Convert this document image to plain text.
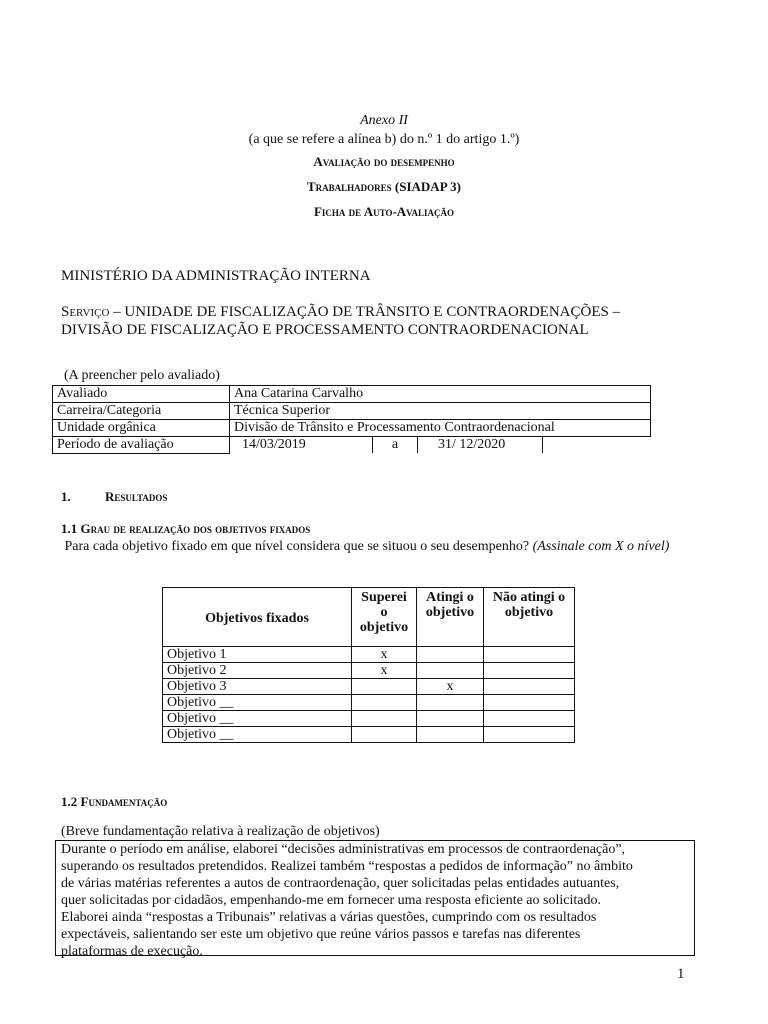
Anexo II
(a que se refere a alínea b) do n.º 1 do artigo 1.º)
Avaliação do desempenho
Trabalhadores (SIADAP 3)
Ficha de Auto-Avaliação
MINISTÉRIO DA ADMINISTRAÇÃO INTERNA
Serviço – UNIDADE DE FISCALIZAÇÃO DE TRÂNSITO E CONTRAORDENAÇÕES –
DIVISÃO DE FISCALIZAÇÃO E PROCESSAMENTO CONTRAORDENACIONAL
(A preencher pelo avaliado)
Avaliado	Ana Catarina Carvalho
Carreira/Categoria	Técnica Superior
Unidade orgânica	Divisão de Trânsito e Processamento Contraordenacional
Período de avaliação	14/03/2019 a 31/ 12/2020
1.	Resultados
1.1 Grau de realização dos objetivos fixados
Para cada objetivo fixado em que nível considera que se situou o seu desempenho? (Assinale com X o nível)
Objetivos fixados	Superei o objetivo	Atingi o objetivo	Não atingi o objetivo
Objetivo 1	x		
Objetivo 2	x		
Objetivo 3		x	
Objetivo __			
Objetivo __			
Objetivo __			
1.2 Fundamentação
(Breve fundamentação relativa à realização de objetivos)
Durante o período em análise, elaborei “decisões administrativas em processos de contraordenação”,
superando os resultados pretendidos. Realizei também “respostas a pedidos de informação” no âmbito
de várias matérias referentes a autos de contraordenação, quer solicitadas pelas entidades autuantes,
quer solicitadas por cidadãos, empenhando-me em fornecer uma resposta eficiente ao solicitado.
Elaborei ainda “respostas a Tribunais” relativas a várias questões, cumprindo com os resultados
expectáveis, salientando ser este um objetivo que reúne vários passos e tarefas nas diferentes
plataformas de execução.
1
